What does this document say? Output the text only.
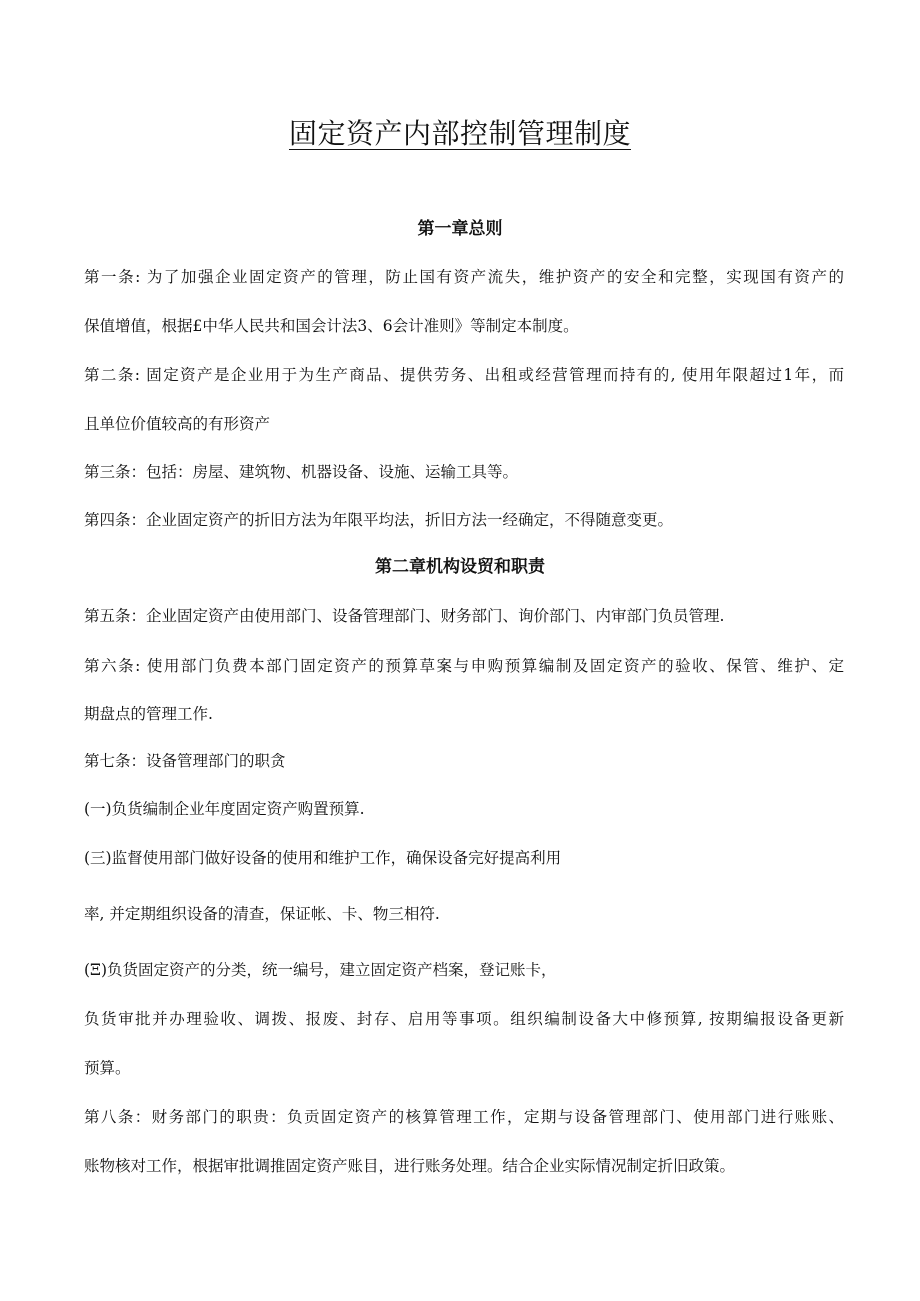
固定资产内部控制管理制度
第一章总则
第一条: 为了加强企业固定资产的管理，防止国有资产流失，维护资产的安全和完整，实现国有资产的
保值增值，根据£中华人民共和国会计法3、6会计准则》等制定本制度。
第二条: 固定资产是企业用于为生产商品、提供劳务、出租或经营管理而持有的, 使用年限超过1年，而
且单位价值较高的有形资产
第三条：包括：房屋、建筑物、机器设备、设施、运输工具等。
第四条：企业固定资产的折旧方法为年限平均法，折旧方法一经确定，不得随意变更。
第二章机构设贸和职责
第五条：企业固定资产由使用部门、设备管理部门、财务部门、询价部门、内审部门负员管理.
第六条: 使用部门负费本部门固定资产的预算草案与申购预算编制及固定资产的验收、保管、维护、定
期盘点的管理工作.
第七条：设备管理部门的职贪
(一)负货编制企业年度固定资产购置预算.
(三)监督使用部门做好设备的使用和维护工作，确保设备完好提高利用
率, 并定期组织设备的清查，保证帐、卡、物三相符.
(Ξ)负货固定资产的分类，统一编号，建立固定资产档案，登记账卡，
负货审批并办理验收、调拨、报废、封存、启用等事项。组织编制设备大中修预算, 按期编报设备更新
预算。
第八条：财务部门的职贵：负贡固定资产的核算管理工作，定期与设备管理部门、使用部门进行账账、
账物核对工作，根据审批调推固定资产账目，进行账务处理。结合企业实际情况制定折旧政策。
